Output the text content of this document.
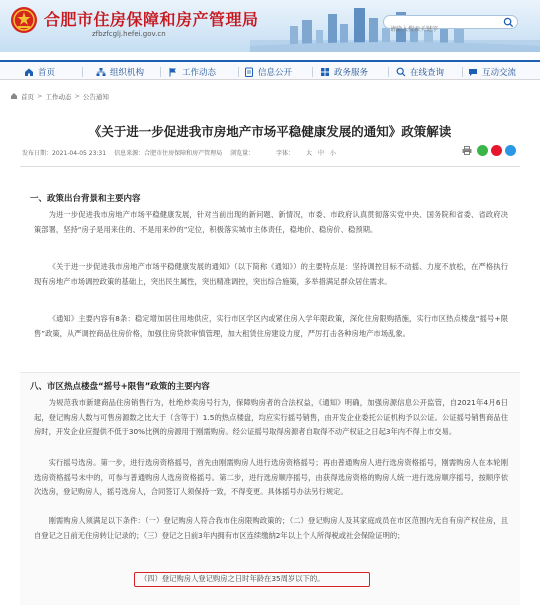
合肥市住房保障和房产管理局
zfbzfcglj.hefei.gov.cn
请输入搜索关键字
首页	组织机构	工作动态	信息公开	政务服务	在线查询	互动交流
首页 > 工作动态 > 公告通知
《关于进一步促进我市房地产市场平稳健康发展的通知》政策解读
发布日期：2021-04-05 23:31 信息来源：合肥市住房保障和房产管理局 浏览量：	字体： 大 中 小
一、政策出台背景和主要内容

为进一步促进我市房地产市场平稳健康发展，针对当前出现的新问题、新情况，市委、市政府认真贯彻落实党中央、国务院和省委、省政府决策部署，坚持“房子是用来住的、不是用来炒的”定位，积极落实城市主体责任，稳地价、稳房价、稳预期。

《关于进一步促进我市房地产市场平稳健康发展的通知》（以下简称《通知》）的主要特点是：坚持调控目标不动摇、力度不放松，在严格执行现有房地产市场调控政策的基础上，突出民生属性，突出精准调控，突出综合施策，多举措满足群众居住需求。

《通知》主要内容有8条：稳定增加居住用地供应，实行市区学区内或紧住房入学年限政策，深化住房限购措施，实行市区热点楼盘“摇号+限售”政策，从严调控商品住房价格，加强住房贷款审慎管理，加大租赁住房建设力度，严厉打击各种房地产市场乱象。

八、市区热点楼盘“摇号+限售”政策的主要内容

为规范我市新建商品住房销售行为，杜绝炒卖房号行为，保障购房者的合法权益，《通知》明确，加强房源信息公开监管，自2021年4月6日起，登记购房人数与可售房源数之比大于（含等于）1.5的热点楼盘，均应实行摇号销售，由开发企业委托公证机构予以公证。公证摇号销售商品住房时，开发企业应提供不低于30%比例的房源用于刚需购房。经公证摇号取得房源者自取得不动产权证之日起3年内不得上市交易。

实行摇号选房。第一步，进行选房资格摇号，首先由刚需购房人进行选房资格摇号；再由普通购房人进行选房资格摇号，刚需购房人在本轮刚选房资格摇号未中的，可参与普通购房人选房资格摇号。第二步，进行选房顺序摇号，由获得选房资格的购房人统一进行选房顺序摇号，按顺序依次选房，登记购房人，摇号选房人，合同签订人须保持一致，不得变更。具体摇号办法另行规定。

刚需购房人须满足以下条件：（一）登记购房人符合我市住房限购政策的；（二）登记购房人及其家庭成员在市区范围内无自有房产权住房，且自登记之日前无住房转让记录的；（三）登记之日前3年内拥有市区连续缴纳2年以上个人所得税或社会保险证明的；

（四）登记购房人登记购房之日时年龄在35周岁以下的。
